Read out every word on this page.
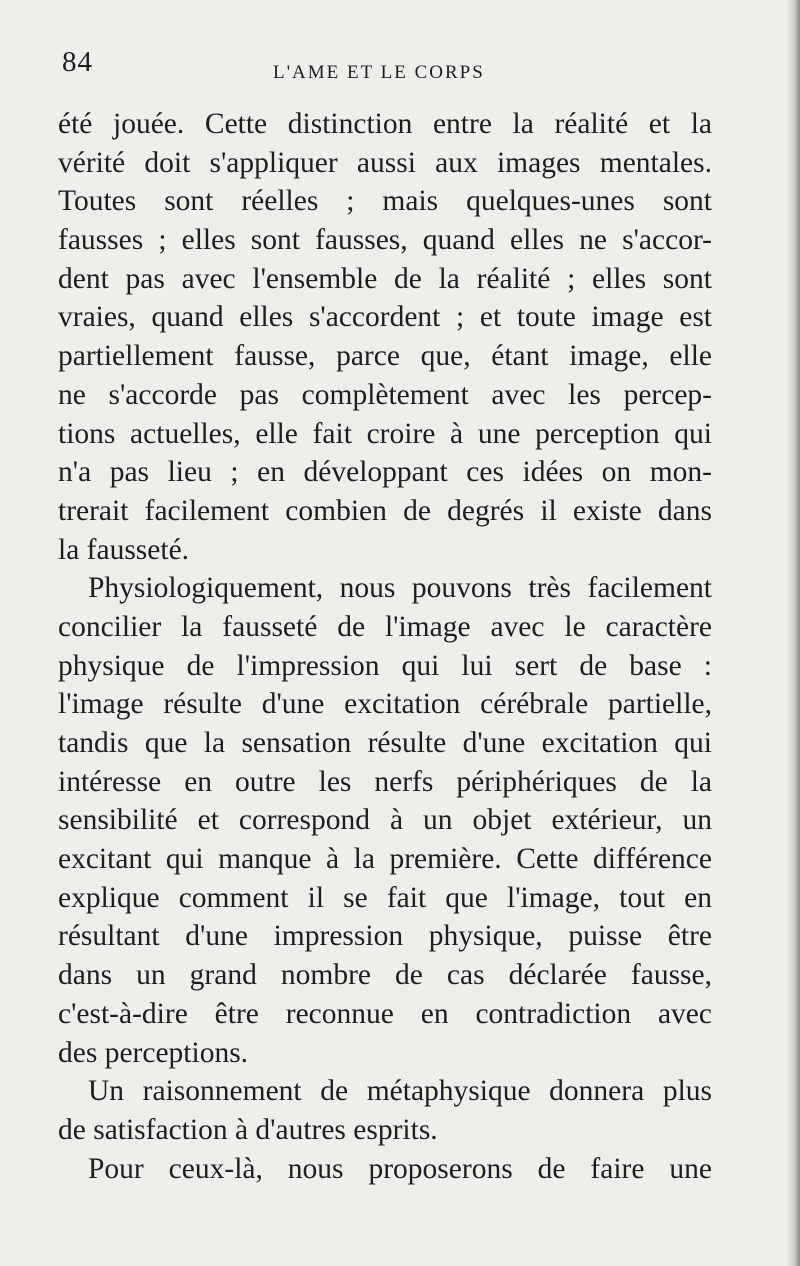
84	L'AME ET LE CORPS
été jouée. Cette distinction entre la réalité et la
vérité doit s'appliquer aussi aux images mentales.
Toutes sont réelles ; mais quelques-unes sont
fausses ; elles sont fausses, quand elles ne s'accor-
dent pas avec l'ensemble de la réalité ; elles sont
vraies, quand elles s'accordent ; et toute image est
partiellement fausse, parce que, étant image, elle
ne s'accorde pas complètement avec les percep-
tions actuelles, elle fait croire à une perception qui
n'a pas lieu ; en développant ces idées on mon-
trerait facilement combien de degrés il existe dans
la fausseté.
Physiologiquement, nous pouvons très facilement
concilier la fausseté de l'image avec le caractère
physique de l'impression qui lui sert de base :
l'image résulte d'une excitation cérébrale partielle,
tandis que la sensation résulte d'une excitation qui
intéresse en outre les nerfs périphériques de la
sensibilité et correspond à un objet extérieur, un
excitant qui manque à la première. Cette différence
explique comment il se fait que l'image, tout en
résultant d'une impression physique, puisse être
dans un grand nombre de cas déclarée fausse,
c'est-à-dire être reconnue en contradiction avec
des perceptions.
Un raisonnement de métaphysique donnera plus
de satisfaction à d'autres esprits.
Pour ceux-là, nous proposerons de faire une
